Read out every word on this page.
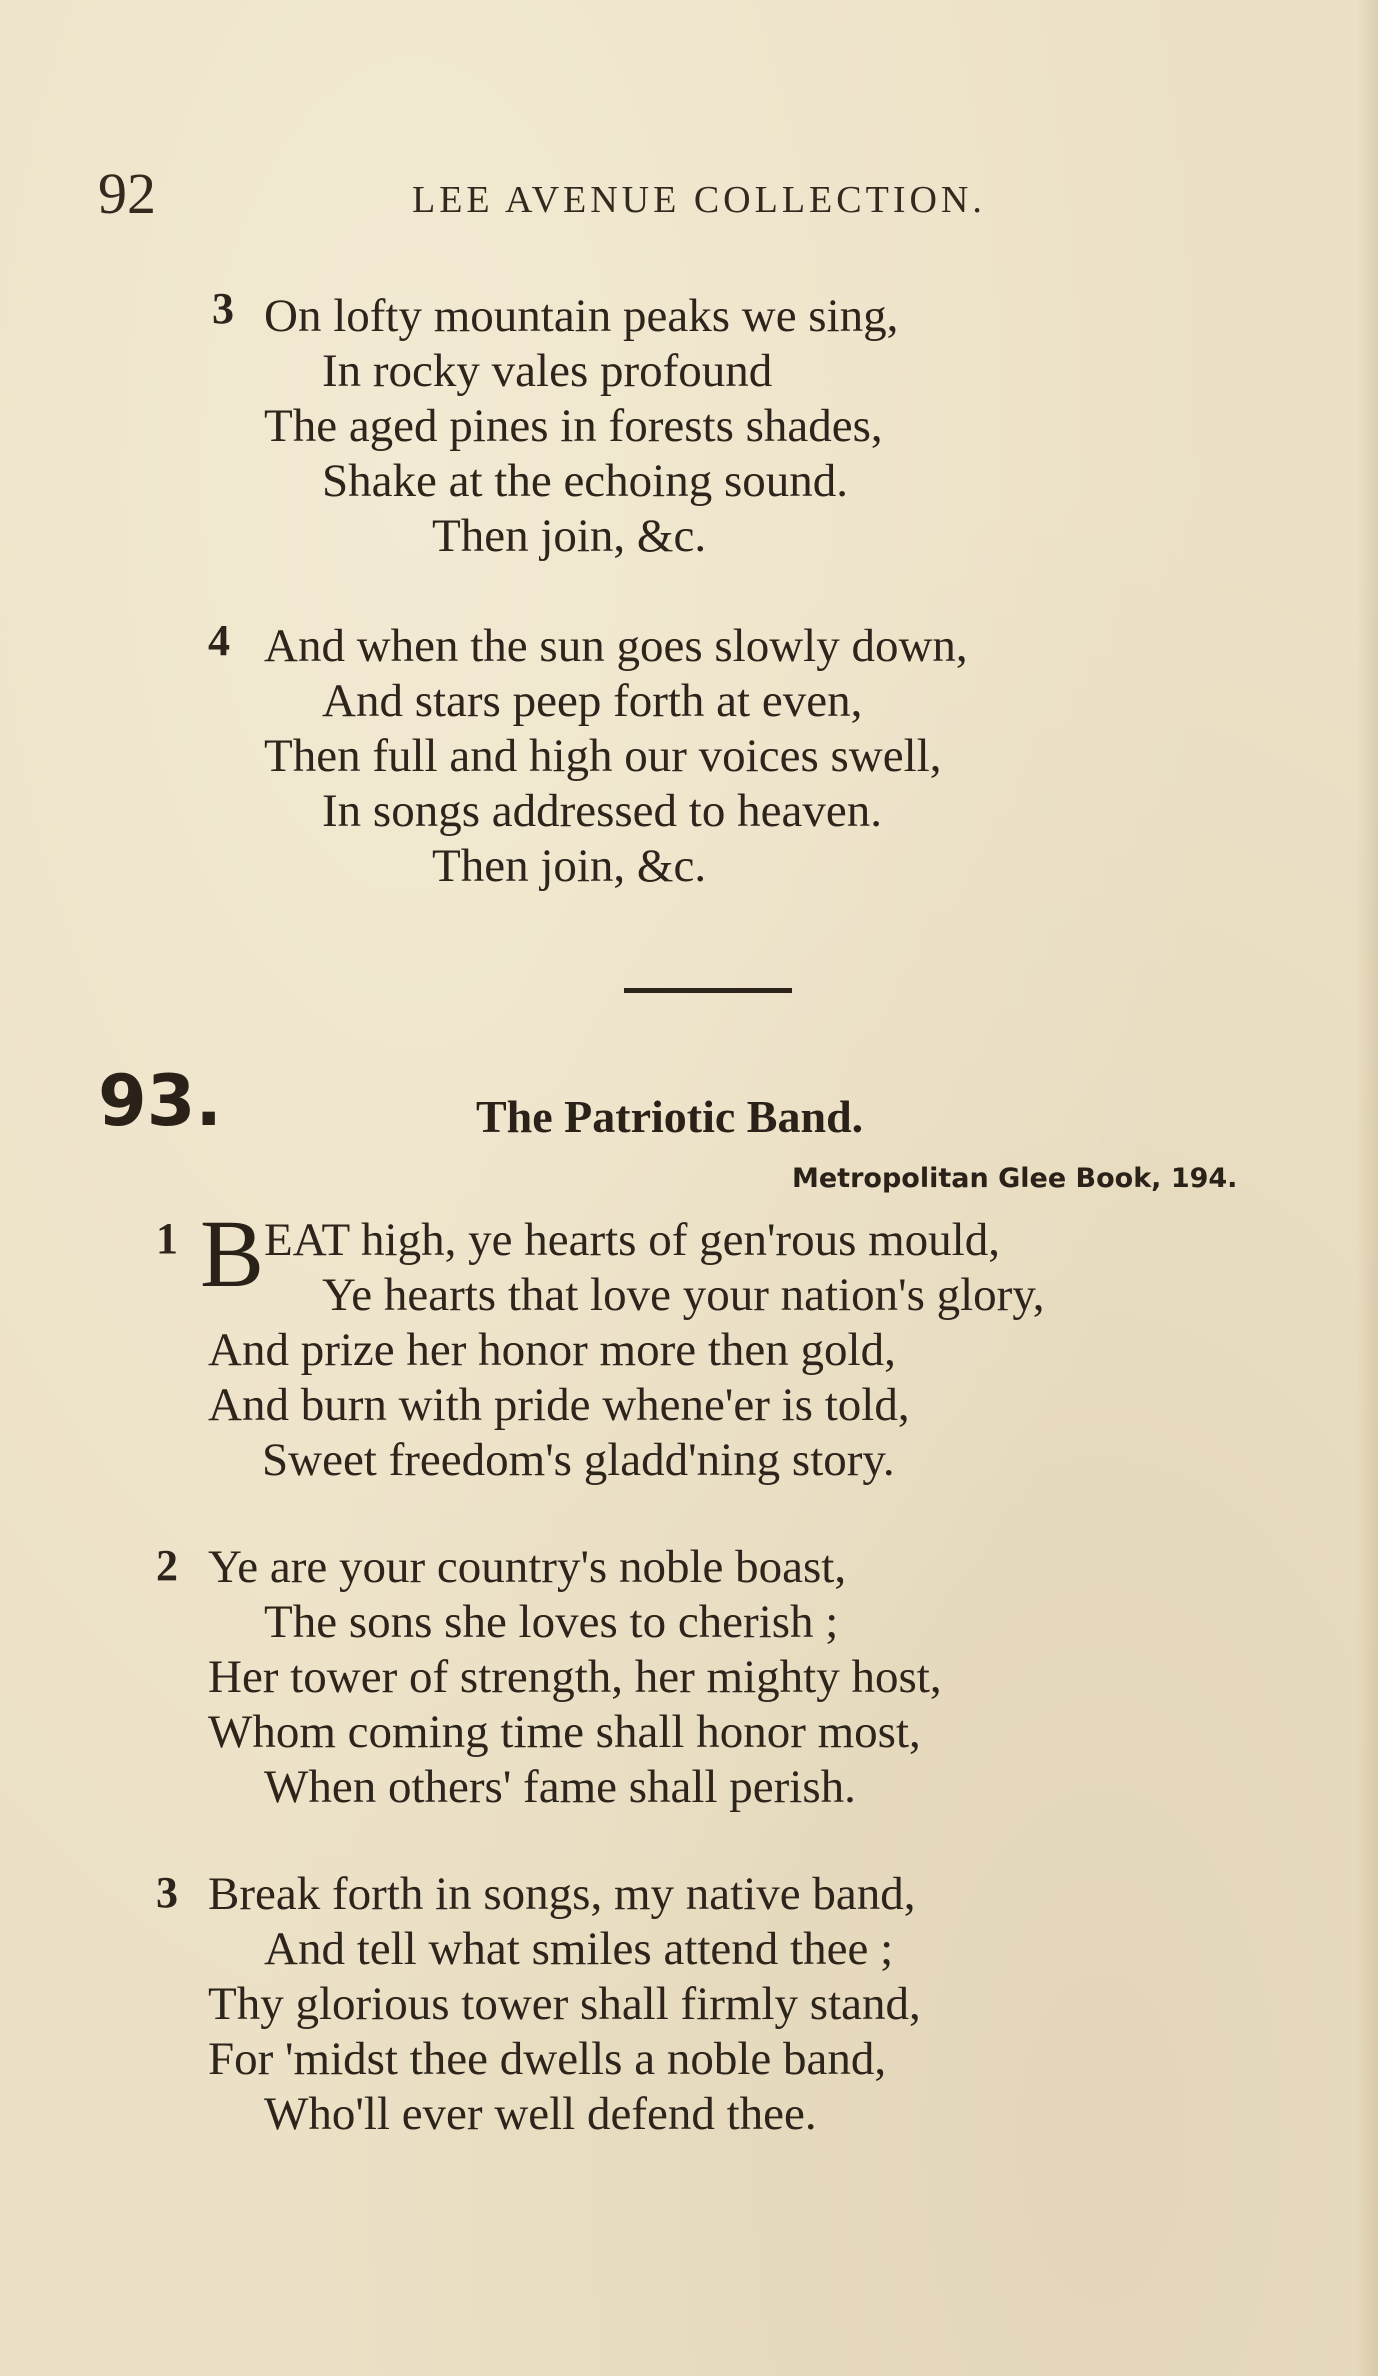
92	LEE AVENUE COLLECTION.
3 On lofty mountain peaks we sing,
In rocky vales profound
The aged pines in forests shades,
Shake at the echoing sound.
Then join, &c.
4 And when the sun goes slowly down,
And stars peep forth at even,
Then full and high our voices swell,
In songs addressed to heaven.
Then join, &c.
93.	The Patriotic Band.
Metropolitan Glee Book, 194.
1 B EAT high, ye hearts of gen'rous mould,
Ye hearts that love your nation's glory,
And prize her honor more then gold,
And burn with pride whene'er is told,
Sweet freedom's gladd'ning story.
2 Ye are your country's noble boast,
The sons she loves to cherish ;
Her tower of strength, her mighty host,
Whom coming time shall honor most,
When others' fame shall perish.
3 Break forth in songs, my native band,
And tell what smiles attend thee ;
Thy glorious tower shall firmly stand,
For 'midst thee dwells a noble band,
Who'll ever well defend thee.
